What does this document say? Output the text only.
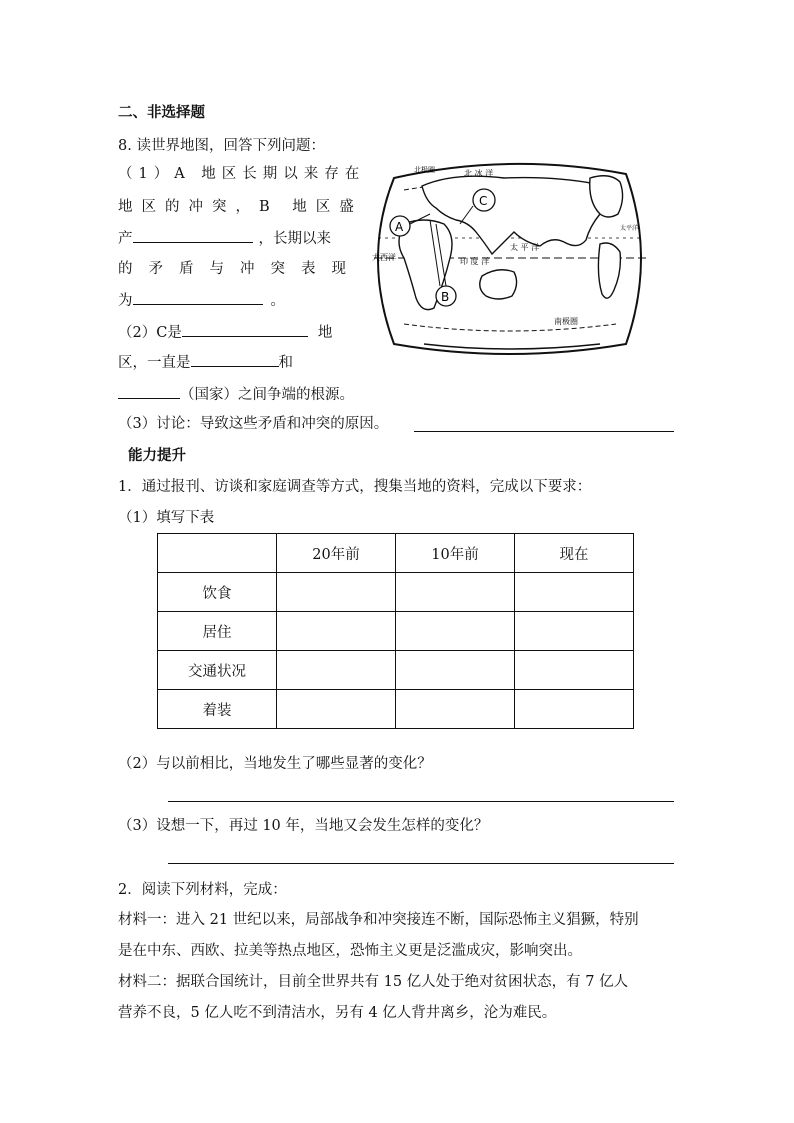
二、非选择题
8. 读世界地图，回答下列问题：
（1）A 地区长期以来存在
地区的冲突，B 地区盛
产	，长期以来
的矛盾与冲突表现
为	。
（2）C是	地
区，一直是	和
（国家）之间争端的根源。
（3）讨论：导致这些矛盾和冲突的原因。
A
C
B
北 冰 洋
太 平 洋
印 度 洋
大西洋
南极圈
太平洋
北极圈
能力提升
1．通过报刊、访谈和家庭调查等方式，搜集当地的资料，完成以下要求：
（1）填写下表
	20年前	10年前	现在
饮食			
居住			
交通状况			
着装			
（2）与以前相比，当地发生了哪些显著的变化？
（3）设想一下，再过 10 年，当地又会发生怎样的变化？
2．阅读下列材料，完成：
材料一：进入 21 世纪以来，局部战争和冲突接连不断，国际恐怖主义猖獗，特别
是在中东、西欧、拉美等热点地区，恐怖主义更是泛滥成灾，影响突出。
材料二：据联合国统计，目前全世界共有 15 亿人处于绝对贫困状态，有 7 亿人
营养不良，5 亿人吃不到清洁水，另有 4 亿人背井离乡，沦为难民。
